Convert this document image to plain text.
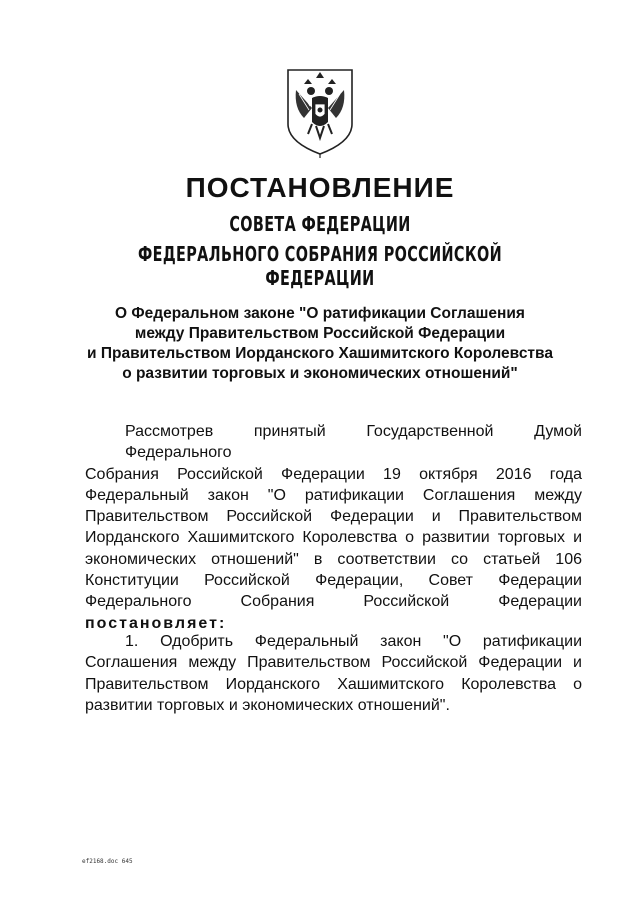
ПОСТАНОВЛЕНИЕ
СОВЕТА ФЕДЕРАЦИИ
ФЕДЕРАЛЬНОГО СОБРАНИЯ РОССИЙСКОЙ ФЕДЕРАЦИИ
О Федеральном законе "О ратификации Соглашения
между Правительством Российской Федерации
и Правительством Иорданского Хашимитского Королевства
о развитии торговых и экономических отношений"
Рассмотрев принятый Государственной Думой Федерального
Собрания Российской Федерации 19 октября 2016 года
Федеральный закон "О ратификации Соглашения между
Правительством Российской Федерации и Правительством
Иорданского Хашимитского Королевства о развитии торговых и
экономических отношений" в соответствии со статьей 106
Конституции Российской Федерации, Совет Федерации
Федерального Собрания Российской Федерации
постановляет:
1. Одобрить Федеральный закон "О ратификации
Соглашения между Правительством Российской Федерации и
Правительством Иорданского Хашимитского Королевства о
развитии торговых и экономических отношений".
ef2168.doc 645
